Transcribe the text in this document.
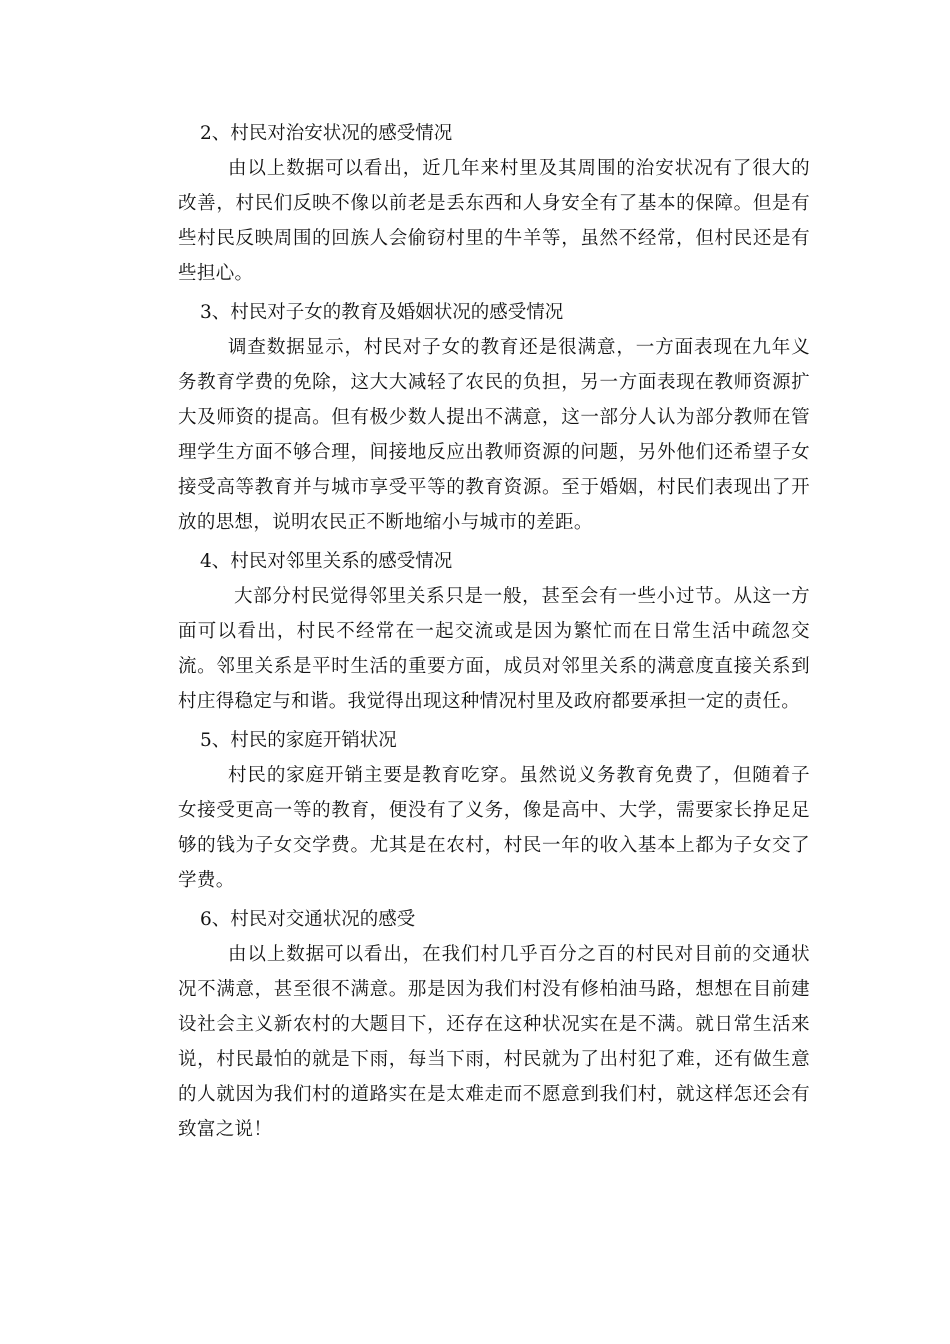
2、村民对治安状况的感受情况

由以上数据可以看出，近几年来村里及其周围的治安状况有了很大的改善，村民们反映不像以前老是丢东西和人身安全有了基本的保障。但是有些村民反映周围的回族人会偷窃村里的牛羊等，虽然不经常，但村民还是有些担心。

3、村民对子女的教育及婚姻状况的感受情况

调查数据显示，村民对子女的教育还是很满意，一方面表现在九年义务教育学费的免除，这大大减轻了农民的负担，另一方面表现在教师资源扩大及师资的提高。但有极少数人提出不满意，这一部分人认为部分教师在管理学生方面不够合理，间接地反应出教师资源的问题，另外他们还希望子女接受高等教育并与城市享受平等的教育资源。至于婚姻，村民们表现出了开放的思想，说明农民正不断地缩小与城市的差距。

4、村民对邻里关系的感受情况

大部分村民觉得邻里关系只是一般，甚至会有一些小过节。从这一方面可以看出，村民不经常在一起交流或是因为繁忙而在日常生活中疏忽交流。邻里关系是平时生活的重要方面，成员对邻里关系的满意度直接关系到村庄得稳定与和谐。我觉得出现这种情况村里及政府都要承担一定的责任。

5、村民的家庭开销状况

村民的家庭开销主要是教育吃穿。虽然说义务教育免费了，但随着子女接受更高一等的教育，便没有了义务，像是高中、大学，需要家长挣足足够的钱为子女交学费。尤其是在农村，村民一年的收入基本上都为子女交了学费。

6、村民对交通状况的感受

由以上数据可以看出，在我们村几乎百分之百的村民对目前的交通状况不满意，甚至很不满意。那是因为我们村没有修柏油马路，想想在目前建设社会主义新农村的大题目下，还存在这种状况实在是不满。就日常生活来说，村民最怕的就是下雨，每当下雨，村民就为了出村犯了难，还有做生意的人就因为我们村的道路实在是太难走而不愿意到我们村，就这样怎还会有致富之说！
